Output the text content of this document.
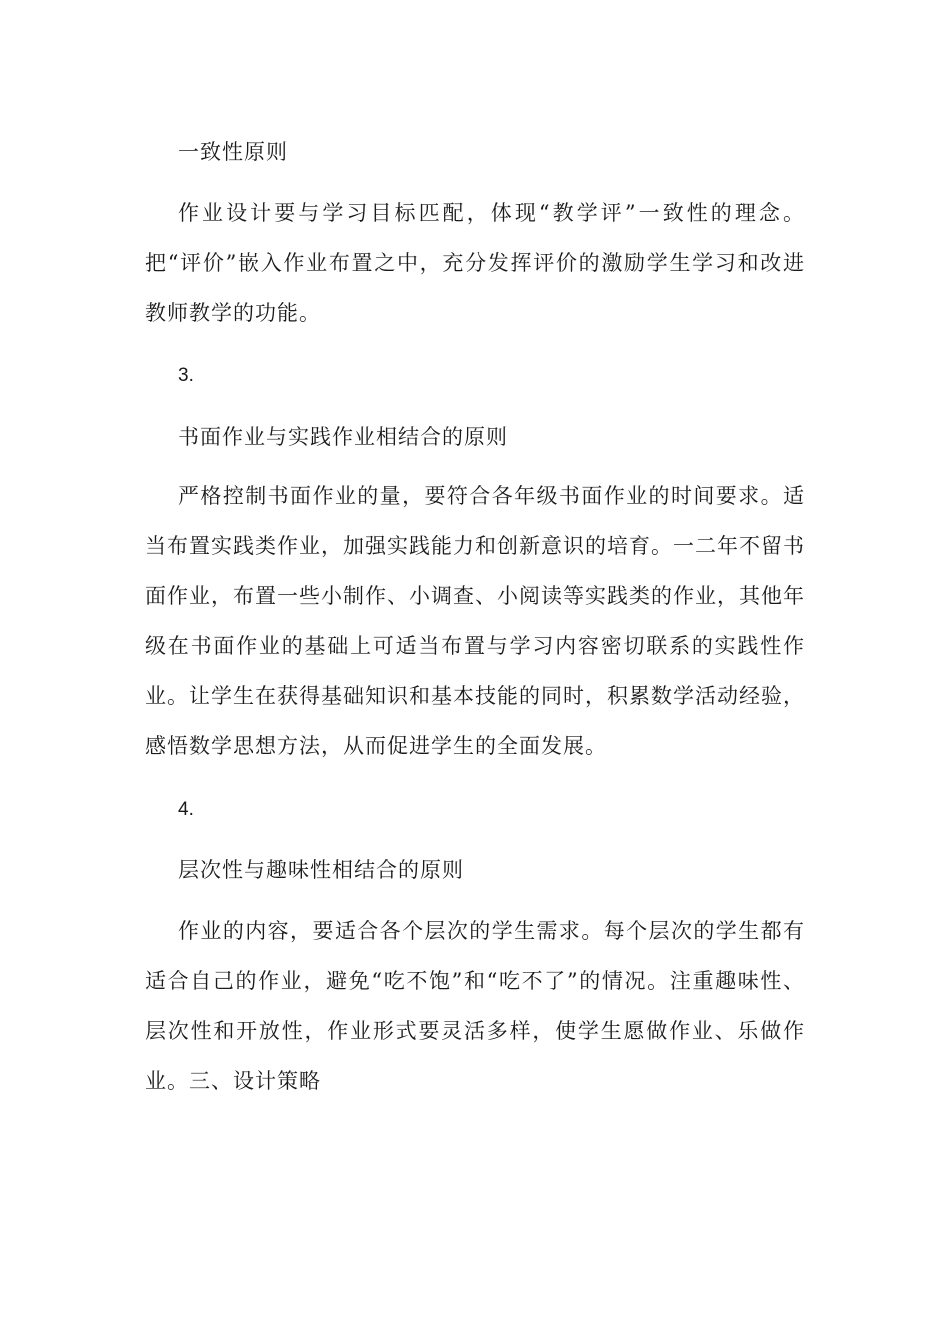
一致性原则
作业设计要与学习目标匹配，体现“教学评”一致性的理念。把“评价”嵌入作业布置之中，充分发挥评价的激励学生学习和改进教师教学的功能。
3.
书面作业与实践作业相结合的原则
严格控制书面作业的量，要符合各年级书面作业的时间要求。适当布置实践类作业，加强实践能力和创新意识的培育。一二年不留书面作业，布置一些小制作、小调查、小阅读等实践类的作业，其他年级在书面作业的基础上可适当布置与学习内容密切联系的实践性作业。让学生在获得基础知识和基本技能的同时，积累数学活动经验，感悟数学思想方法，从而促进学生的全面发展。
4.
层次性与趣味性相结合的原则
作业的内容，要适合各个层次的学生需求。每个层次的学生都有适合自己的作业，避免“吃不饱”和“吃不了”的情况。注重趣味性、层次性和开放性，作业形式要灵活多样，使学生愿做作业、乐做作业。三、设计策略
